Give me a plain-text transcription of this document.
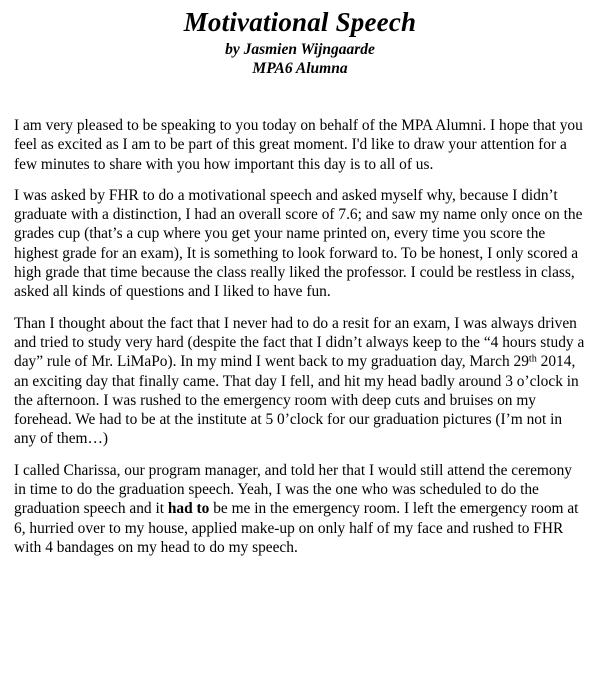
Motivational Speech

by Jasmien Wijngaarde

MPA6 Alumna

I am very pleased to be speaking to you today on behalf of the MPA Alumni. I hope that you feel as excited as I am to be part of this great moment. I'd like to draw your attention for a few minutes to share with you how important this day is to all of us.

I was asked by FHR to do a motivational speech and asked myself why, because I didn’t graduate with a distinction, I had an overall score of 7.6; and saw my name only once on the grades cup (that’s a cup where you get your name printed on, every time you score the highest grade for an exam), It is something to look forward to. To be honest, I only scored a high grade that time because the class really liked the professor. I could be restless in class, asked all kinds of questions and I liked to have fun.

Than I thought about the fact that I never had to do a resit for an exam, I was always driven and tried to study very hard (despite the fact that I didn’t always keep to the “4 hours study a day” rule of Mr. LiMaPo). In my mind I went back to my graduation day, March 29th 2014, an exciting day that finally came. That day I fell, and hit my head badly around 3 o’clock in the afternoon. I was rushed to the emergency room with deep cuts and bruises on my forehead. We had to be at the institute at 5 0’clock for our graduation pictures (I’m not in any of them…)

I called Charissa, our program manager, and told her that I would still attend the ceremony in time to do the graduation speech. Yeah, I was the one who was scheduled to do the graduation speech and it had to be me in the emergency room. I left the emergency room at 6, hurried over to my house, applied make-up on only half of my face and rushed to FHR with 4 bandages on my head to do my speech.
